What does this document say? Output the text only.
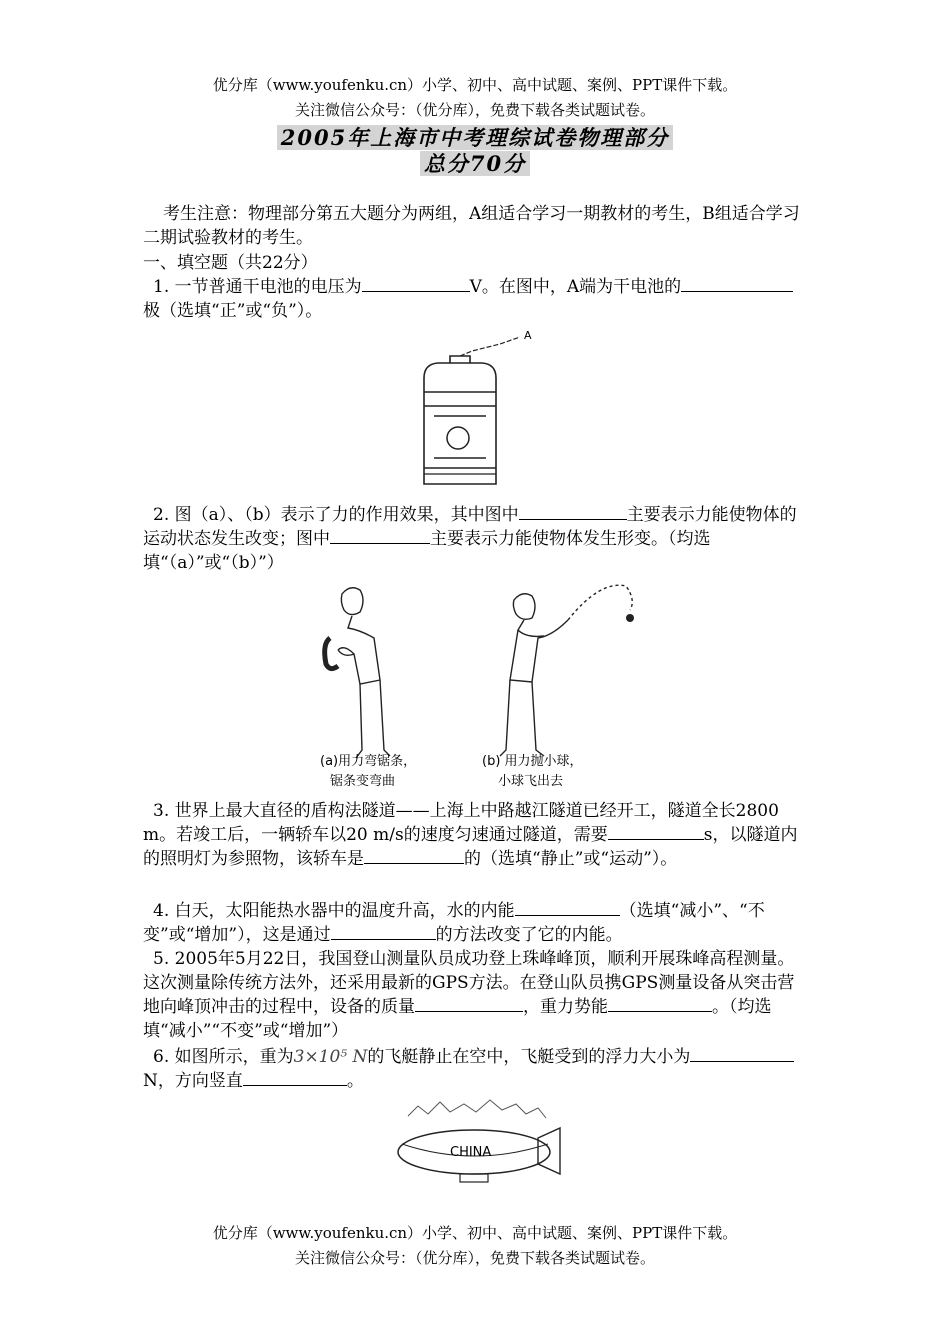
优分库（www.youfenku.cn）小学、初中、高中试题、案例、PPT课件下载。
关注微信公众号：（优分库），免费下载各类试题试卷。
2005年上海市中考理综试卷物理部分
总分70分
考生注意：物理部分第五大题分为两组，A组适合学习一期教材的考生，B组适合学习二期试验教材的考生。
一、填空题（共22分）
1. 一节普通干电池的电压为	V。在图中，A端为干电池的极（选填“正”或“负”）。
A
2. 图（a）、（b）表示了力的作用效果，其中图中	主要表示力能使物体的运动状态发生改变；图中	主要表示力能使物体发生形变。（均选填“（a）”或“（b）”）
(a)用力弯锯条，
锯条变弯曲
(b) 用力抛小球，
小球飞出去
3. 世界上最大直径的盾构法隧道——上海上中路越江隧道已经开工，隧道全长2800 m。若竣工后，一辆轿车以20 m/s的速度匀速通过隧道，需要	s，以隧道内的照明灯为参照物，该轿车是	的（选填“静止”或“运动”）。
4. 白天，太阳能热水器中的温度升高，水的内能	（选填“减小”、“不变”或“增加”），这是通过	的方法改变了它的内能。
5. 2005年5月22日，我国登山测量队员成功登上珠峰峰顶，顺利开展珠峰高程测量。这次测量除传统方法外，还采用最新的GPS方法。在登山队员携GPS测量设备从突击营地向峰顶冲击的过程中，设备的质量	，重力势能	。（均选填“减小”“不变”或“增加”）
6. 如图所示，重为3×10⁵ N的飞艇静止在空中，飞艇受到的浮力大小为N，方向竖直	。
CHINA
优分库（www.youfenku.cn）小学、初中、高中试题、案例、PPT课件下载。
关注微信公众号：（优分库），免费下载各类试题试卷。
